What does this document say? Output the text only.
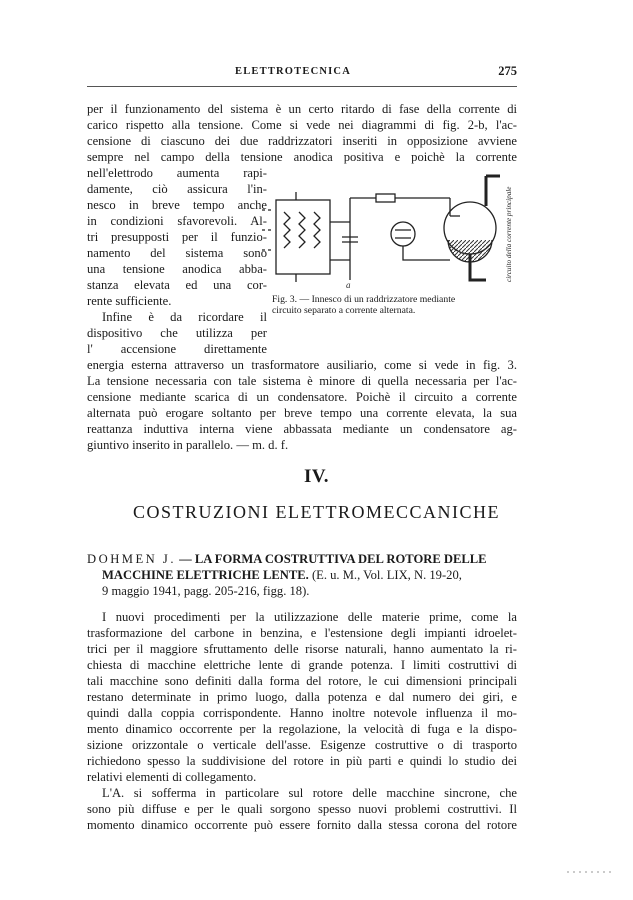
ELETTROTECNICA	275
per il funzionamento del sistema è un certo ritardo di fase della corrente di
carico rispetto alla tensione. Come si vede nei diagrammi di fig. 2-b, l'ac-
censione di ciascuno dei due raddrizzatori inseriti in opposizione avviene
sempre nel campo della tensione anodica positiva e poichè la corrente
nell'elettrodo aumenta rapi-
damente, ciò assicura l'in-
nesco in breve tempo anche
in condizioni sfavorevoli. Al-
tri presupposti per il funzio-
namento del sistema sono
una tensione anodica abba-
stanza elevata ed una cor-
rente sufficiente.
Infine è da ricordare il
dispositivo che utilizza per
l' accensione direttamente
energia esterna attraverso un trasformatore ausiliario, come si vede in fig. 3.
La tensione necessaria con tale sistema è minore di quella necessaria per l'ac-
censione mediante scarica di un condensatore. Poichè il circuito a corrente
alternata può erogare soltanto per breve tempo una corrente elevata, la sua
reattanza induttiva interna viene abbassata mediante un condensatore ag-
giuntivo inserito in parallelo. — m. d. f.
a
circuito della corrente principale
Fig. 3. — Innesco di un raddrizzatore mediante
circuito separato a corrente alternata.
IV.
COSTRUZIONI ELETTROMECCANICHE
DOHMEN J. — LA FORMA COSTRUTTIVA DEL ROTORE DELLE
MACCHINE ELETTRICHE LENTE. (E. u. M., Vol. LIX, N. 19-20,
9 maggio 1941, pagg. 205-216, figg. 18).
I nuovi procedimenti per la utilizzazione delle materie prime, come la
trasformazione del carbone in benzina, e l'estensione degli impianti idroelet-
trici per il maggiore sfruttamento delle risorse naturali, hanno aumentato la ri-
chiesta di macchine elettriche lente di grande potenza. I limiti costruttivi di
tali macchine sono definiti dalla forma del rotore, le cui dimensioni principali
restano determinate in primo luogo, dalla potenza e dal numero dei giri, e
quindi dalla coppia corrispondente. Hanno inoltre notevole influenza il mo-
mento dinamico occorrente per la regolazione, la velocità di fuga e la dispo-
sizione orizzontale o verticale dell'asse. Esigenze costruttive o di trasporto
richiedono spesso la suddivisione del rotore in più parti e quindi lo studio dei
relativi elementi di collegamento.
L'A. si sofferma in particolare sul rotore delle macchine sincrone, che
sono più diffuse e per le quali sorgono spesso nuovi problemi costruttivi. Il
momento dinamico occorrente può essere fornito dalla stessa corona del rotore
